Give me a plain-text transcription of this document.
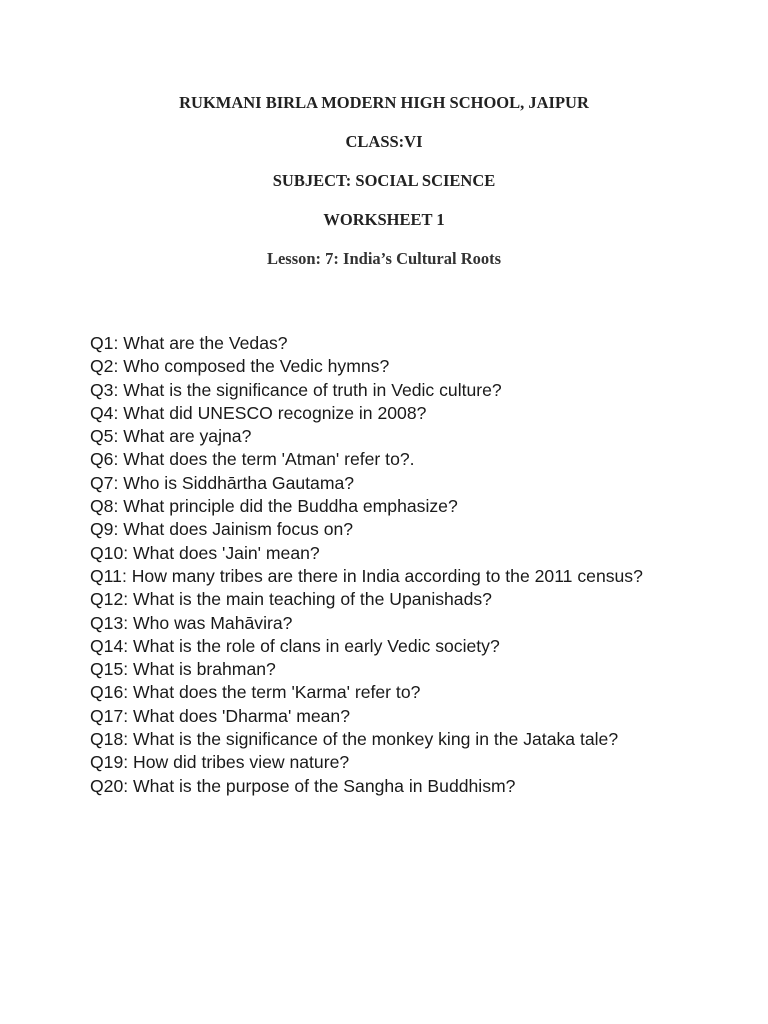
RUKMANI BIRLA MODERN HIGH SCHOOL, JAIPUR
CLASS:VI
SUBJECT: SOCIAL SCIENCE
WORKSHEET 1
Lesson: 7: India’s Cultural Roots

Q1: What are the Vedas?

Q2: Who composed the Vedic hymns?

Q3: What is the significance of truth in Vedic culture?

Q4: What did UNESCO recognize in 2008?

Q5: What are yajna?

Q6: What does the term 'Atman' refer to?.

Q7: Who is Siddhārtha Gautama?

Q8: What principle did the Buddha emphasize?

Q9: What does Jainism focus on?

Q10: What does 'Jain' mean?

Q11: How many tribes are there in India according to the 2011 census?

Q12: What is the main teaching of the Upanishads?

Q13: Who was Mahāvira?

Q14: What is the role of clans in early Vedic society?

Q15: What is brahman?

Q16: What does the term 'Karma' refer to?

Q17: What does 'Dharma' mean?

Q18: What is the significance of the monkey king in the Jataka tale?

Q19: How did tribes view nature?

Q20: What is the purpose of the Sangha in Buddhism?
